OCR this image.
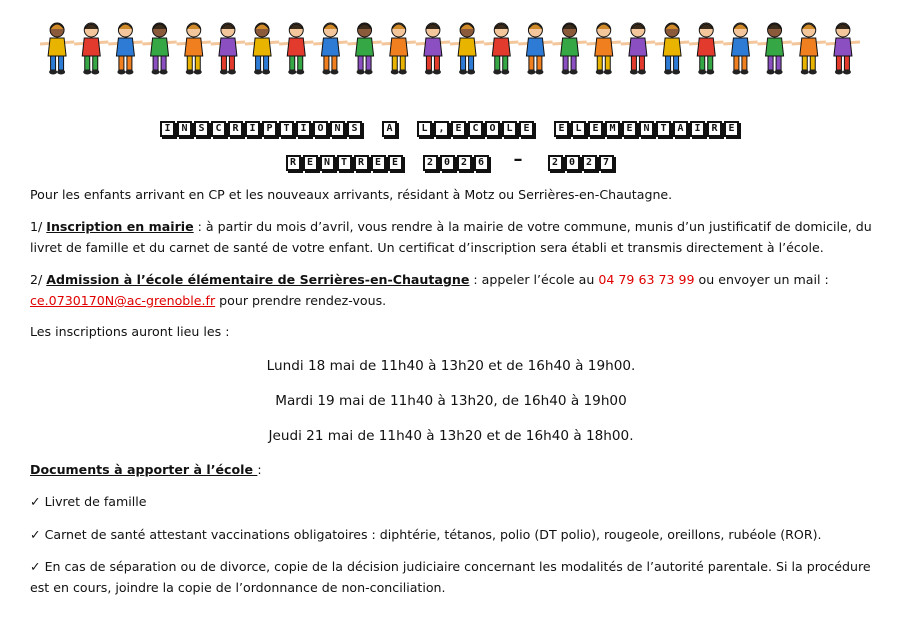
I N S C R I P T I O N S	A	L , E C O L E	E L E M E N T A I R E
R E N T R E E	2 0 2 6 –	2 0 2 7
Pour les enfants arrivant en CP et les nouveaux arrivants, résidant à Motz ou Serrières-en-Chautagne.
1/ Inscription en mairie : à partir du mois d’avril, vous rendre à la mairie de votre commune, munis d’un justificatif de domicile, du livret de famille et du carnet de santé de votre enfant. Un certificat d’inscription sera établi et transmis directement à l’école.
2/ Admission à l’école élémentaire de Serrières-en-Chautagne : appeler l’école au 04 79 63 73 99 ou envoyer un mail : ce.0730170N@ac-grenoble.fr pour prendre rendez-vous.
Les inscriptions auront lieu les :
Lundi 18 mai de 11h40 à 13h20 et de 16h40 à 19h00.
Mardi 19 mai de 11h40 à 13h20, de 16h40 à 19h00
Jeudi 21 mai de 11h40 à 13h20 et de 16h40 à 18h00.
Documents à apporter à l’école :
✓ Livret de famille
✓ Carnet de santé attestant vaccinations obligatoires : diphtérie, tétanos, polio (DT polio), rougeole, oreillons, rubéole (ROR).
✓ En cas de séparation ou de divorce, copie de la décision judiciaire concernant les modalités de l’autorité parentale. Si la procédure est en cours, joindre la copie de l’ordonnance de non-conciliation.
